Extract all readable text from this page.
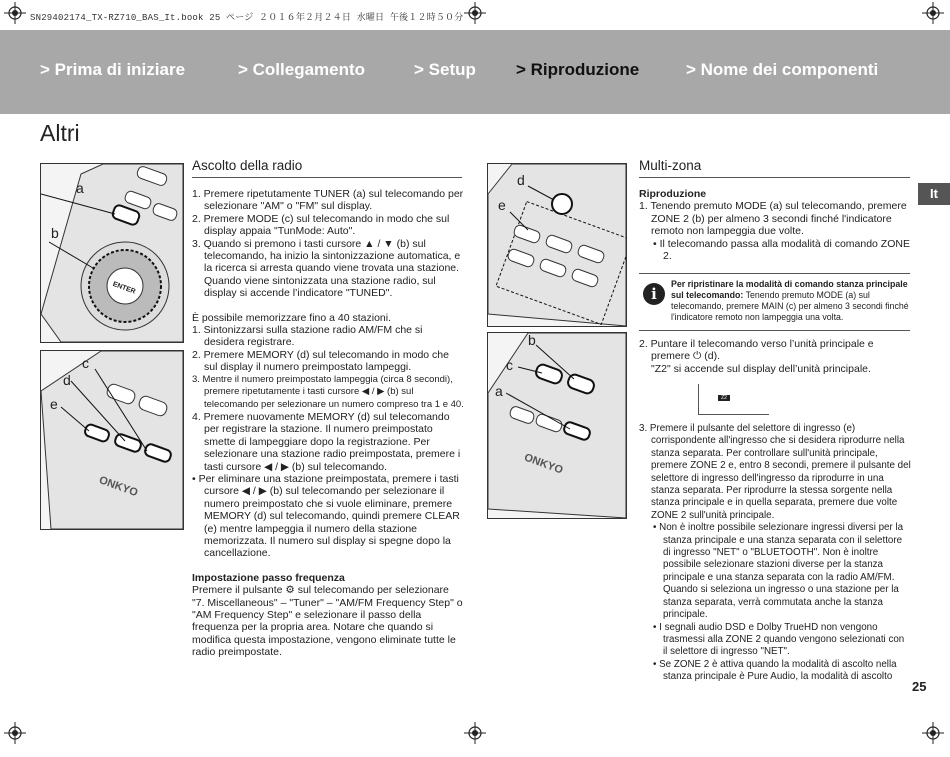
SN29402174_TX-RZ710_BAS_It.book 25 ページ ２０１６年２月２４日 水曜日 午後１２時５０分
> Prima di iniziare	> Collegamento	> Setup > Riproduzione	> Nome dei componenti
Altri
It
25
ENTER
a
b
ONKYO
c
d
e
d
e
ONKYO
b
c
a
Ascolto della radio

1. Premere ripetutamente TUNER (a) sul telecomando per selezionare "AM" o "FM" sul display.

2. Premere MODE (c) sul telecomando in modo che sul display appaia "TunMode: Auto".

3. Quando si premono i tasti cursore ▲ / ▼ (b) sul telecomando, ha inizio la sintonizzazione automatica, e la ricerca si arresta quando viene trovata una stazione. Quando viene sintonizzata una stazione radio, sul display si accende l’indicatore "TUNED".

È possibile memorizzare fino a 40 stazioni.

1. Sintonizzarsi sulla stazione radio AM/FM che si desidera registrare.

2. Premere MEMORY (d) sul telecomando in modo che sul display il numero preimpostato lampeggi.

3. Mentre il numero preimpostato lampeggia (circa 8 secondi), premere ripetutamente i tasti cursore ◀ / ▶ (b) sul telecomando per selezionare un numero compreso tra 1 e 40.

4. Premere nuovamente MEMORY (d) sul telecomando per registrare la stazione. Il numero preimpostato smette di lampeggiare dopo la registrazione. Per selezionare una stazione radio preimpostata, premere i tasti cursore ◀ / ▶ (b) sul telecomando.

• Per eliminare una stazione preimpostata, premere i tasti cursore ◀ / ▶ (b) sul telecomando per selezionare il numero preimpostato che si vuole eliminare, premere MEMORY (d) sul telecomando, quindi premere CLEAR (e) mentre lampeggia il numero della stazione memorizzata. Il numero sul display si spegne dopo la cancellazione.

Impostazione passo frequenza

Premere il pulsante ⚙ sul telecomando per selezionare "7. Miscellaneous" – "Tuner" – "AM/FM Frequency Step" o "AM Frequency Step" e selezionare il passo della frequenza per la propria area. Notare che quando si modifica questa impostazione, vengono eliminate tutte le radio preimpostate.

Multi-zona

Riproduzione

1. Tenendo premuto MODE (a) sul telecomando, premere ZONE 2 (b) per almeno 3 secondi finché l'indicatore remoto non lampeggia due volte.

• Il telecomando passa alla modalità di comando ZONE 2.

i
Per ripristinare la modalità di comando stanza principale sul telecomando: Tenendo premuto MODE (a) sul telecomando, premere MAIN (c) per almeno 3 secondi finché l'indicatore remoto non lampeggia una volta.

2. Puntare il telecomando verso l’unità principale e premere ⏻ (d).

"Z2" si accende sul display dell’unità principale.

Z2

3. Premere il pulsante del selettore di ingresso (e) corrispondente all'ingresso che si desidera riprodurre nella stanza separata. Per controllare sull'unità principale, premere ZONE 2 e, entro 8 secondi, premere il pulsante del selettore di ingresso dell'ingresso da riprodurre in una stanza separata. Per riprodurre la stessa sorgente nella stanza principale e in quella separata, premere due volte ZONE 2 sull'unità principale.

• Non è inoltre possibile selezionare ingressi diversi per la stanza principale e una stanza separata con il selettore di ingresso "NET" o "BLUETOOTH". Non è inoltre possibile selezionare stazioni diverse per la stanza principale e una stanza separata con la radio AM/FM. Quando si seleziona un ingresso o una stazione per la stanza separata, verrà commutata anche la stanza principale.

• I segnali audio DSD e Dolby TrueHD non vengono trasmessi alla ZONE 2 quando vengono selezionati con il selettore di ingresso "NET".

• Se ZONE 2 è attiva quando la modalità di ascolto nella stanza principale è Pure Audio, la modalità di ascolto
